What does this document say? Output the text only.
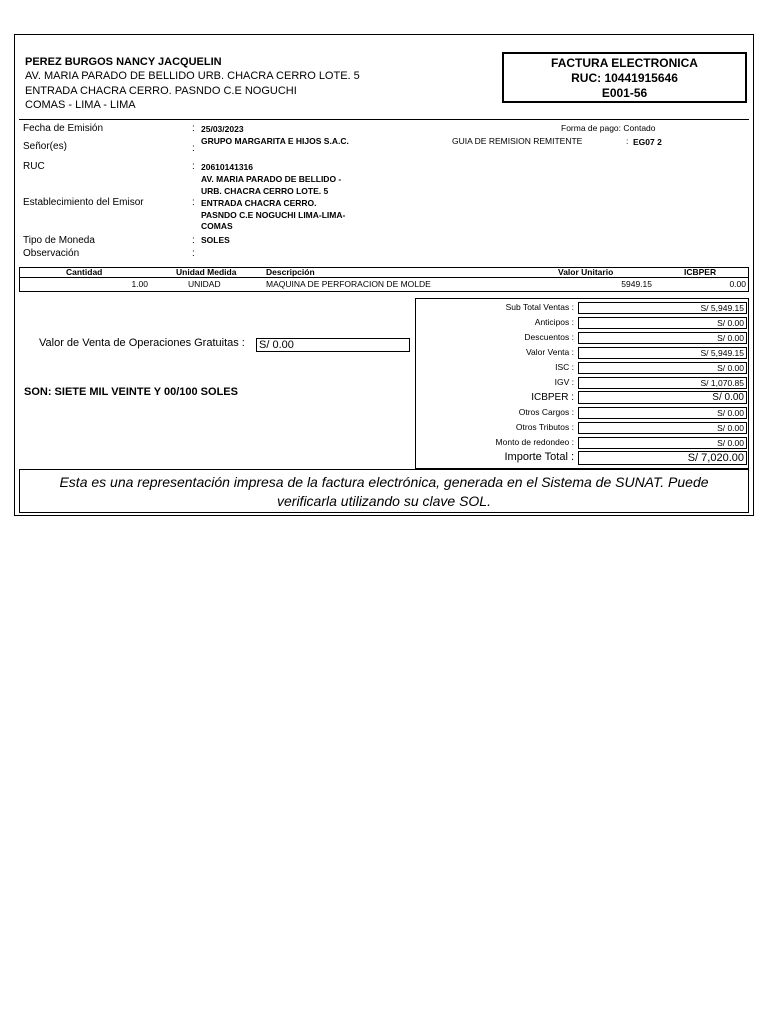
PEREZ BURGOS NANCY JACQUELIN
AV. MARIA PARADO DE BELLIDO URB. CHACRA CERRO LOTE. 5
ENTRADA CHACRA CERRO. PASNDO C.E NOGUCHI
COMAS - LIMA - LIMA
FACTURA ELECTRONICA
RUC: 10441915646
E001-56
Fecha de Emisión	: 25/03/2023
Señor(es)	:
GRUPO MARGARITA E HIJOS S.A.C.
Forma de pago: Contado
GUIA DE REMISION REMITENTE	: EG07 2
RUC	: 20610141316
Establecimiento del Emisor	:
AV. MARIA PARADO DE BELLIDO -
URB. CHACRA CERRO LOTE. 5
ENTRADA CHACRA CERRO.
PASNDO C.E NOGUCHI LIMA-LIMA-
COMAS
Tipo de Moneda	: SOLES
Observación	:
Cantidad	Unidad Medida	Descripción	Valor Unitario	ICBPER
1.00	UNIDAD	MAQUINA DE PERFORACION DE MOLDE	5949.15	0.00
Valor de Venta de Operaciones Gratuitas : S/ 0.00
SON: SIETE MIL VEINTE Y 00/100 SOLES
Sub Total Ventas :	S/ 5,949.15
Anticipos :	S/ 0.00
Descuentos :	S/ 0.00
Valor Venta :	S/ 5,949.15
ISC :	S/ 0.00
IGV :	S/ 1,070.85
ICBPER :	S/ 0.00
Otros Cargos :	S/ 0.00
Otros Tributos :	S/ 0.00
Monto de redondeo :	S/ 0.00
Importe Total :	S/ 7,020.00
Esta es una representación impresa de la factura electrónica, generada en el Sistema de SUNAT. Puede
verificarla utilizando su clave SOL.
